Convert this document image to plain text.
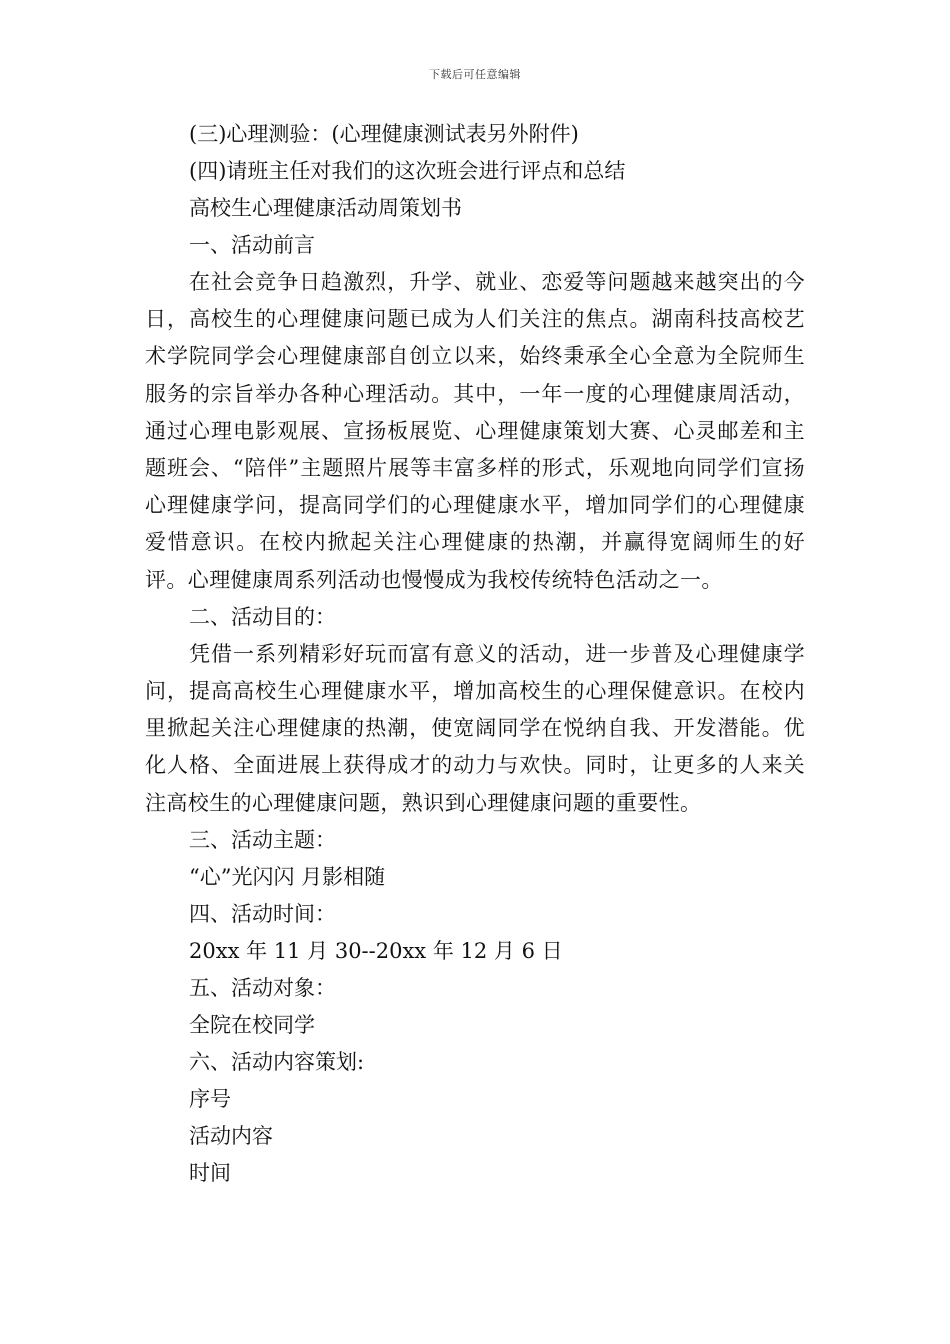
下载后可任意编辑

(三)心理测验：(心理健康测试表另外附件)

(四)请班主任对我们的这次班会进行评点和总结

高校生心理健康活动周策划书

一、活动前言

在社会竞争日趋激烈，升学、就业、恋爱等问题越来越突出的今日，高校生的心理健康问题已成为人们关注的焦点。湖南科技高校艺术学院同学会心理健康部自创立以来，始终秉承全心全意为全院师生服务的宗旨举办各种心理活动。其中，一年一度的心理健康周活动，通过心理电影观展、宣扬板展览、心理健康策划大赛、心灵邮差和主题班会、“陪伴”主题照片展等丰富多样的形式，乐观地向同学们宣扬心理健康学问，提高同学们的心理健康水平，增加同学们的心理健康爱惜意识。在校内掀起关注心理健康的热潮，并赢得宽阔师生的好评。心理健康周系列活动也慢慢成为我校传统特色活动之一。

二、活动目的：

凭借一系列精彩好玩而富有意义的活动，进一步普及心理健康学问，提高高校生心理健康水平，增加高校生的心理保健意识。在校内里掀起关注心理健康的热潮，使宽阔同学在悦纳自我、开发潜能。优化人格、全面进展上获得成才的动力与欢快。同时，让更多的人来关注高校生的心理健康问题，熟识到心理健康问题的重要性。

三、活动主题：

“心”光闪闪 月影相随

四、活动时间：

20xx 年 11 月 30--20xx 年 12 月 6 日

五、活动对象：

全院在校同学

六、活动内容策划:

序号

活动内容

时间
